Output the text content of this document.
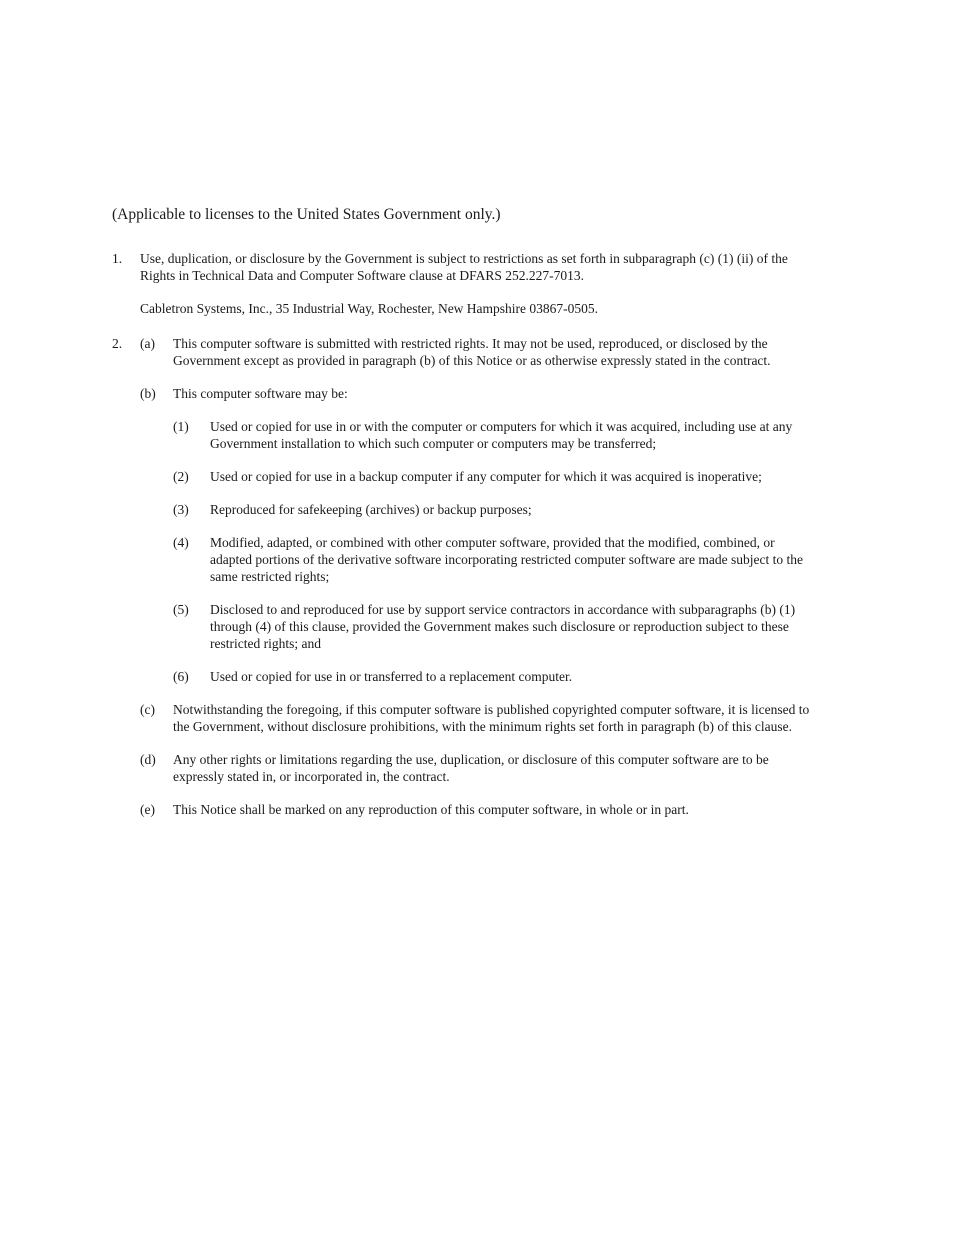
(Applicable to licenses to the United States Government only.)
1.	Use, duplication, or disclosure by the Government is subject to restrictions as set forth in subparagraph (c) (1) (ii) of the Rights in Technical Data and Computer Software clause at DFARS 252.227-7013.
Cabletron Systems, Inc., 35 Industrial Way, Rochester, New Hampshire 03867-0505.
2.	(a)	This computer software is submitted with restricted rights. It may not be used, reproduced, or disclosed by the Government except as provided in paragraph (b) of this Notice or as otherwise expressly stated in the contract.
(b)	This computer software may be:
(1)	Used or copied for use in or with the computer or computers for which it was acquired, including use at any Government installation to which such computer or computers may be transferred;
(2)	Used or copied for use in a backup computer if any computer for which it was acquired is inoperative;
(3)	Reproduced for safekeeping (archives) or backup purposes;
(4)	Modified, adapted, or combined with other computer software, provided that the modified, combined, or adapted portions of the derivative software incorporating restricted computer software are made subject to the same restricted rights;
(5)	Disclosed to and reproduced for use by support service contractors in accordance with subparagraphs (b) (1) through (4) of this clause, provided the Government makes such disclosure or reproduction subject to these restricted rights; and
(6)	Used or copied for use in or transferred to a replacement computer.
(c)	Notwithstanding the foregoing, if this computer software is published copyrighted computer software, it is licensed to the Government, without disclosure prohibitions, with the minimum rights set forth in paragraph (b) of this clause.
(d)	Any other rights or limitations regarding the use, duplication, or disclosure of this computer software are to be expressly stated in, or incorporated in, the contract.
(e)	This Notice shall be marked on any reproduction of this computer software, in whole or in part.
